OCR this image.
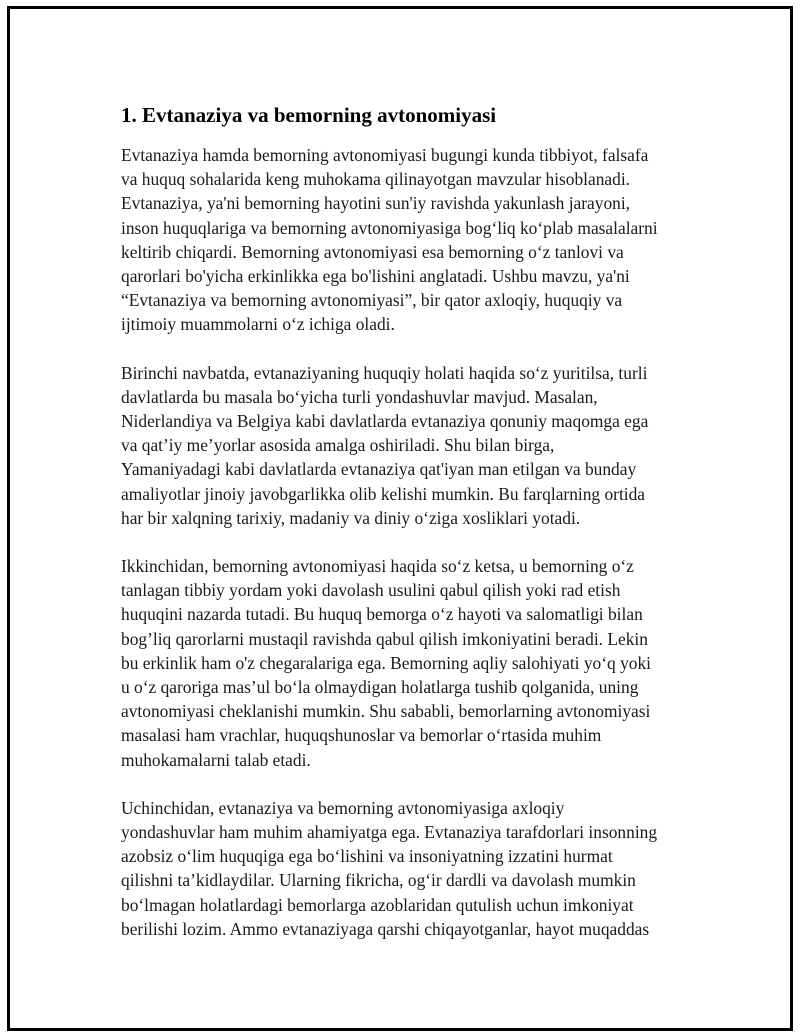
1. Evtanaziya va bemorning avtonomiyasi

Evtanaziya hamda bemorning avtonomiyasi bugungi kunda tibbiyot, falsafa
va huquq sohalarida keng muhokama qilinayotgan mavzular hisoblanadi.
Evtanaziya, ya'ni bemorning hayotini sun'iy ravishda yakunlash jarayoni,
inson huquqlariga va bemorning avtonomiyasiga bog‘liq ko‘plab masalalarni
keltirib chiqardi. Bemorning avtonomiyasi esa bemorning o‘z tanlovi va
qarorlari bo'yicha erkinlikka ega bo'lishini anglatadi. Ushbu mavzu, ya'ni
“Evtanaziya va bemorning avtonomiyasi”, bir qator axloqiy, huquqiy va
ijtimoiy muammolarni o‘z ichiga oladi.

Birinchi navbatda, evtanaziyaning huquqiy holati haqida so‘z yuritilsa, turli
davlatlarda bu masala bo‘yicha turli yondashuvlar mavjud. Masalan,
Niderlandiya va Belgiya kabi davlatlarda evtanaziya qonuniy maqomga ega
va qat’iy me’yorlar asosida amalga oshiriladi. Shu bilan birga,
Yamaniyadagi kabi davlatlarda evtanaziya qat'iyan man etilgan va bunday
amaliyotlar jinoiy javobgarlikka olib kelishi mumkin. Bu farqlarning ortida
har bir xalqning tarixiy, madaniy va diniy o‘ziga xosliklari yotadi.

Ikkinchidan, bemorning avtonomiyasi haqida so‘z ketsa, u bemorning o‘z
tanlagan tibbiy yordam yoki davolash usulini qabul qilish yoki rad etish
huquqini nazarda tutadi. Bu huquq bemorga o‘z hayoti va salomatligi bilan
bog’liq qarorlarni mustaqil ravishda qabul qilish imkoniyatini beradi. Lekin
bu erkinlik ham o'z chegaralariga ega. Bemorning aqliy salohiyati yo‘q yoki
u o‘z qaroriga mas’ul bo‘la olmaydigan holatlarga tushib qolganida, uning
avtonomiyasi cheklanishi mumkin. Shu sababli, bemorlarning avtonomiyasi
masalasi ham vrachlar, huquqshunoslar va bemorlar o‘rtasida muhim
muhokamalarni talab etadi.

Uchinchidan, evtanaziya va bemorning avtonomiyasiga axloqiy
yondashuvlar ham muhim ahamiyatga ega. Evtanaziya tarafdorlari insonning
azobsiz o‘lim huquqiga ega bo‘lishini va insoniyatning izzatini hurmat
qilishni ta’kidlaydilar. Ularning fikricha, og‘ir dardli va davolash mumkin
bo‘lmagan holatlardagi bemorlarga azoblaridan qutulish uchun imkoniyat
berilishi lozim. Ammo evtanaziyaga qarshi chiqayotganlar, hayot muqaddas
